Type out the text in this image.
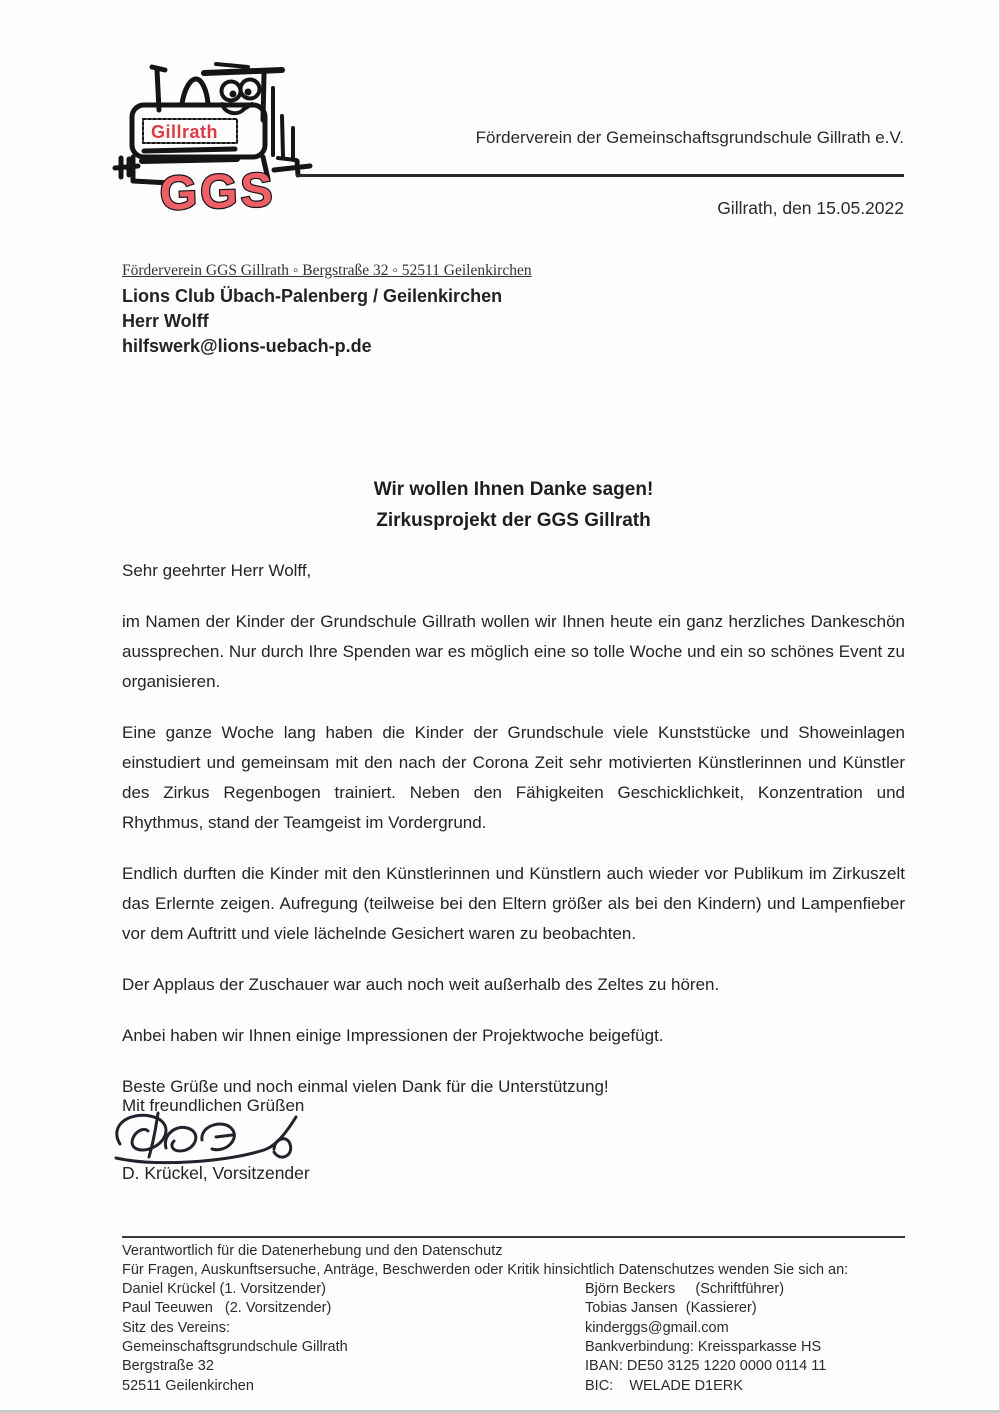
Gillrath
GGS
Förderverein der Gemeinschaftsgrundschule Gillrath e.V.
Gillrath, den 15.05.2022
Förderverein GGS Gillrath ◦ Bergstraße 32 ◦ 52511 Geilenkirchen
Lions Club Übach-Palenberg / Geilenkirchen
Herr Wolff
hilfswerk@lions-uebach-p.de
Wir wollen Ihnen Danke sagen!
Zirkusprojekt der GGS Gillrath

Sehr geehrter Herr Wolff,

im Namen der Kinder der Grundschule Gillrath wollen wir Ihnen heute ein ganz herzliches Dankeschön aussprechen. Nur durch Ihre Spenden war es möglich eine so tolle Woche und ein so schönes Event zu organisieren.

Eine ganze Woche lang haben die Kinder der Grundschule viele Kunststücke und Showeinlagen einstudiert und gemeinsam mit den nach der Corona Zeit sehr motivierten Künstlerinnen und Künstler des Zirkus Regenbogen trainiert. Neben den Fähigkeiten Geschicklichkeit, Konzentration und Rhythmus, stand der Teamgeist im Vordergrund.

Endlich durften die Kinder mit den Künstlerinnen und Künstlern auch wieder vor Publikum im Zirkuszelt das Erlernte zeigen. Aufregung (teilweise bei den Eltern größer als bei den Kindern) und Lampenfieber vor dem Auftritt und viele lächelnde Gesichert waren zu beobachten.

Der Applaus der Zuschauer war auch noch weit außerhalb des Zeltes zu hören.

Anbei haben wir Ihnen einige Impressionen der Projektwoche beigefügt.

Beste Grüße und noch einmal vielen Dank für die Unterstützung!

Mit freundlichen Grüßen
D. Krückel, Vorsitzender
Verantwortlich für die Datenerhebung und den Datenschutz
Für Fragen, Auskunftsersuche, Anträge, Beschwerden oder Kritik hinsichtlich Datenschutzes wenden Sie sich an:
Daniel Krückel (1. Vorsitzender)
Paul Teeuwen   (2. Vorsitzender)
Sitz des Vereins:
Gemeinschaftsgrundschule Gillrath
Bergstraße 32
52511 Geilenkirchen
Björn Beckers     (Schriftführer)
Tobias Jansen  (Kassierer)
kinderggs@gmail.com
Bankverbindung: Kreissparkasse HS
IBAN: DE50 3125 1220 0000 0114 11
BIC:    WELADE D1ERK
